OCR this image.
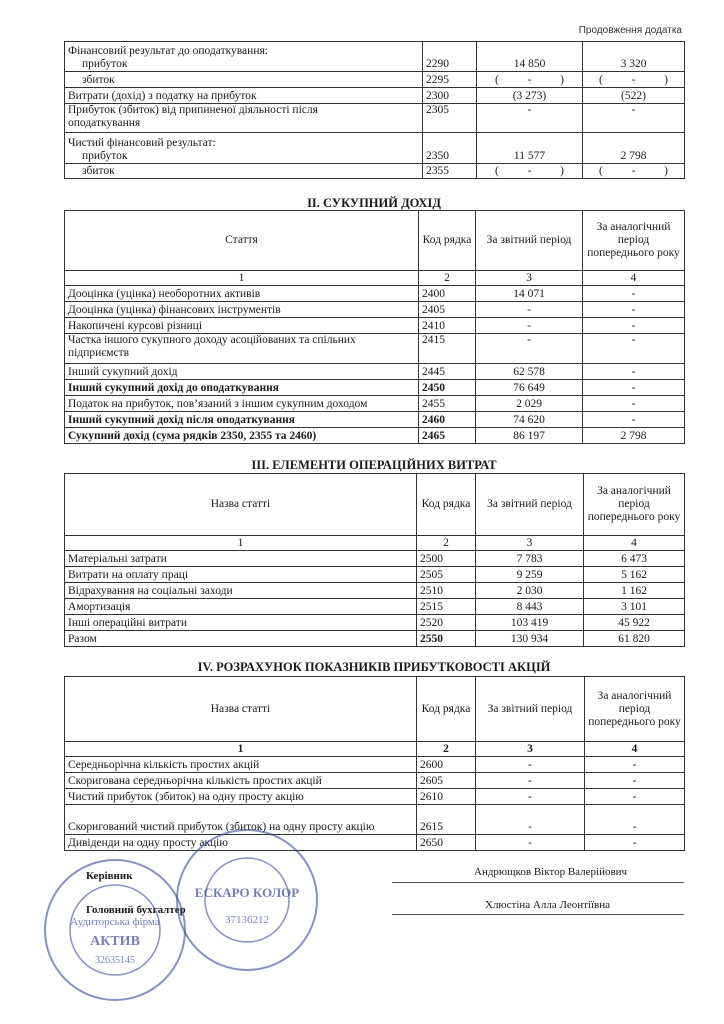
Продовження додатка
Фінансовий результат до оподаткування:
прибуток	2290	14 850	3 320
збиток	2295	(          -          )	(          -          )
Витрати (дохід) з податку на прибуток	2300	(3 273)	(522)

Прибуток (збиток) від припиненої діяльності після
оподаткування	2305	-	-

Чистий фінансовий результат:
прибуток	2350	11 577	2 798
збиток	2355	(          -          )	(          -          )
II. СУКУПНИЙ ДОХІД
Стаття	Код рядка	За звітний період	За аналогічний період попереднього року
1	2	3	4
Дооцінка (уцінка) необоротних активів	2400	14 071	-
Дооцінка (уцінка) фінансових інструментів	2405	-	-
Накопичені курсові різниці	2410	-	-
Частка іншого сукупного доходу асоційованих та спільних підприємств	2415	-	-
Інший сукупний дохід	2445	62 578	-
Інший сукупний дохід до оподаткування	2450	76 649	-
Податок на прибуток, пов’язаний з іншим сукупним доходом	2455	2 029	-
Інший сукупний дохід після оподаткування	2460	74 620	-
Сукупний дохід (сума рядків 2350, 2355 та 2460)	2465	86 197	2 798
III. ЕЛЕМЕНТИ ОПЕРАЦІЙНИХ ВИТРАТ
Назва статті	Код рядка	За звітний період	За аналогічний період попереднього року
1	2	3	4
Матеріальні затрати	2500	7 783	6 473
Витрати на оплату праці	2505	9 259	5 162
Відрахування на соціальні заходи	2510	2 030	1 162
Амортизація	2515	8 443	3 101
Інші операційні витрати	2520	103 419	45 922
Разом	2550	130 934	61 820
IV. РОЗРАХУНОК ПОКАЗНИКІВ ПРИБУТКОВОСТІ АКЦІЙ
Назва статті	Код рядка	За звітний період	За аналогічний період попереднього року
1	2	3	4
Середньорічна кількість простих акцій	2600	-	-
Скоригована середньорічна кількість простих акцій	2605	-	-
Чистий прибуток (збиток) на одну просту акцію	2610	-	-
Скоригований чистий прибуток (збиток) на одну просту акцію	2615	-	-
Дивіденди на одну просту акцію	2650	-	-
Керівник	Андрющков Віктор Валерійович
Головний бухгалтер	Хлюстіна Алла Леонтіївна
Аудиторська фірма
АКТИВ
32635145
ЕСКАРО КОЛОР
37136212
